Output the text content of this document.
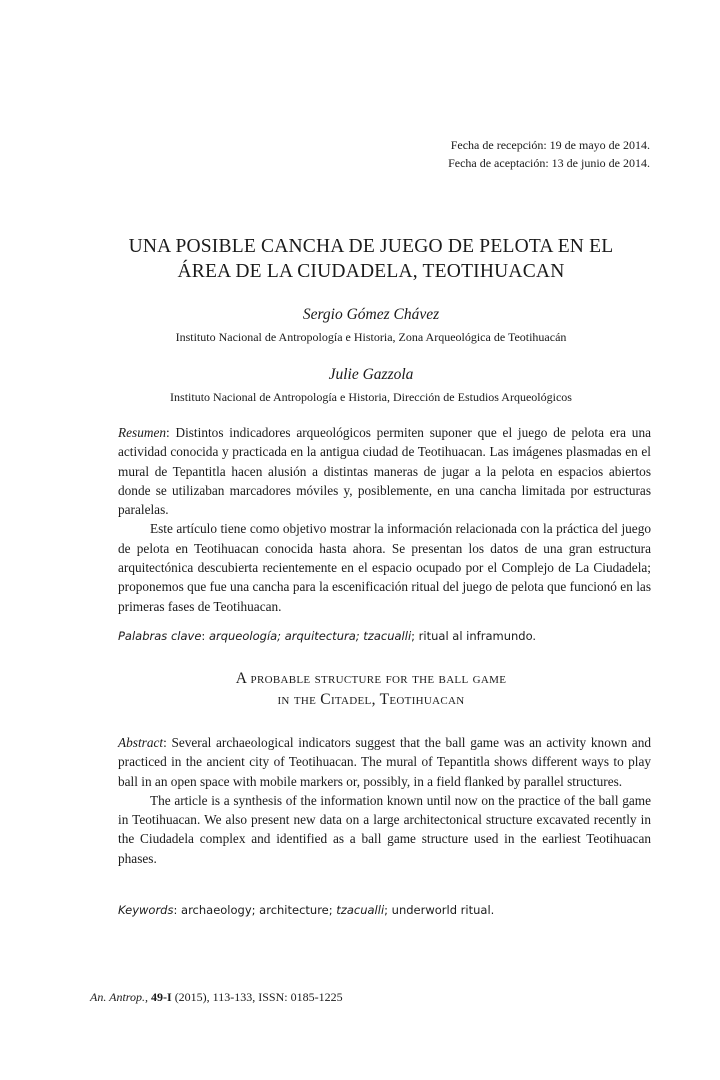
Fecha de recepción: 19 de mayo de 2014.
Fecha de aceptación: 13 de junio de 2014.
UNA POSIBLE CANCHA DE JUEGO DE PELOTA EN EL
ÁREA DE LA CIUDADELA, TEOTIHUACAN
Sergio Gómez Chávez
Instituto Nacional de Antropología e Historia, Zona Arqueológica de Teotihuacán
Julie Gazzola
Instituto Nacional de Antropología e Historia, Dirección de Estudios Arqueológicos

Resumen: Distintos indicadores arqueológicos permiten suponer que el juego de pelota era una actividad conocida y practicada en la antigua ciudad de Teotihuacan. Las imágenes plasmadas en el mural de Tepantitla hacen alusión a distintas maneras de jugar a la pelota en espacios abiertos donde se utilizaban marcadores móviles y, posiblemente, en una cancha limitada por estructuras paralelas.

Este artículo tiene como objetivo mostrar la información relacionada con la práctica del juego de pelota en Teotihuacan conocida hasta ahora. Se presentan los datos de una gran estructura arquitectónica descubierta recientemente en el espacio ocupado por el Complejo de La Ciudadela; proponemos que fue una cancha para la escenificación ritual del juego de pelota que funcionó en las primeras fases de Teotihuacan.

Palabras clave: arqueología; arquitectura; tzacualli; ritual al inframundo.
A probable structure for the ball game
in the Citadel, Teotihuacan

Abstract: Several archaeological indicators suggest that the ball game was an activity known and practiced in the ancient city of Teotihuacan. The mural of Tepantitla shows different ways to play ball in an open space with mobile markers or, possibly, in a field flanked by parallel structures.

The article is a synthesis of the information known until now on the practice of the ball game in Teotihuacan. We also present new data on a large architectonical structure excavated recently in the Ciudadela complex and identified as a ball game structure used in the earliest Teotihuacan phases.

Keywords: archaeology; architecture; tzacualli; underworld ritual.
An. Antrop., 49-I (2015), 113-133, ISSN: 0185-1225
